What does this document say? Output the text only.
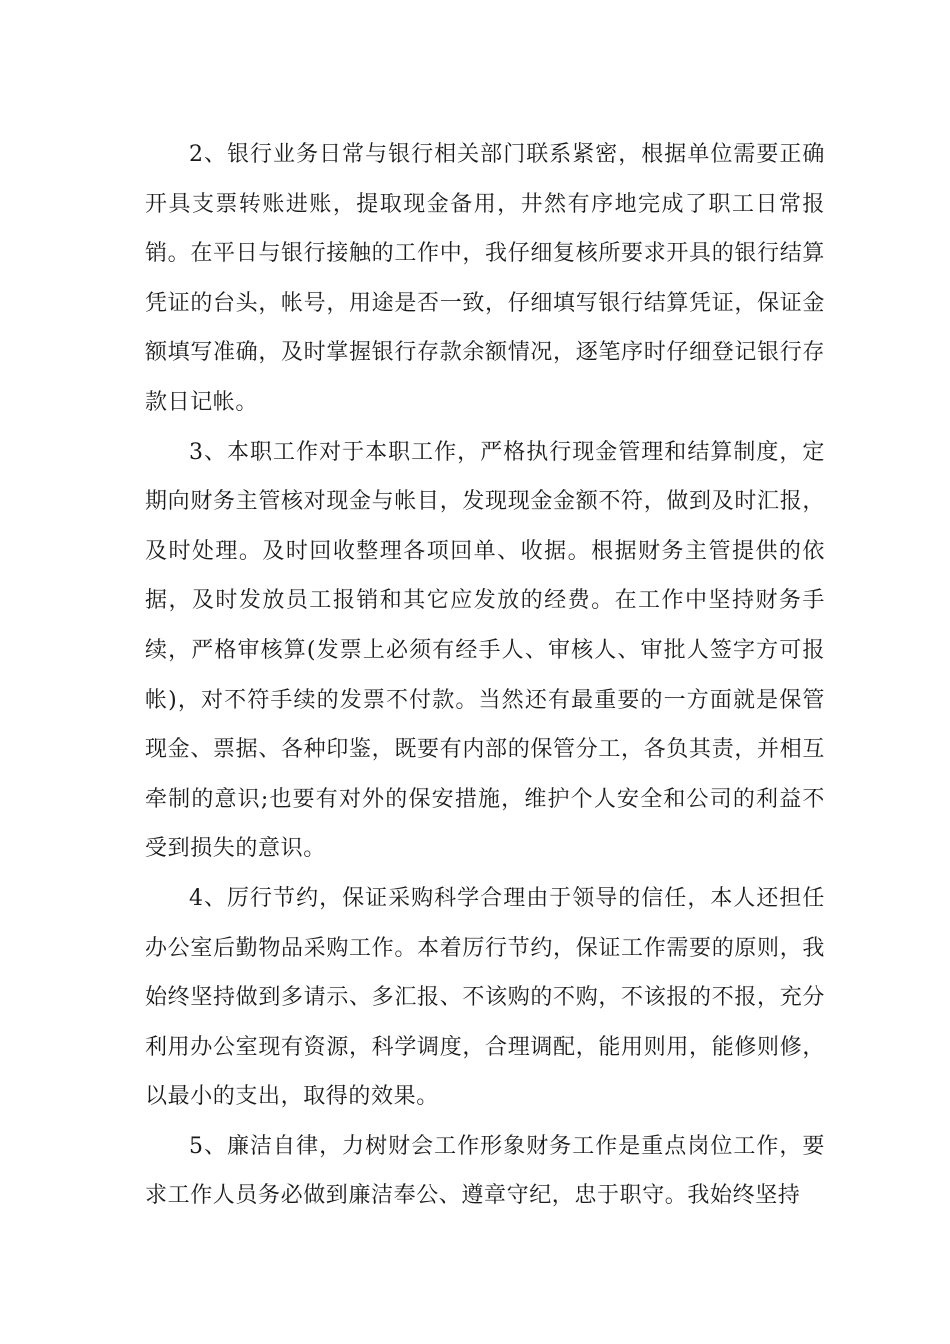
2、银行业务日常与银行相关部门联系紧密，根据单位需要正确开具支票转账进账，提取现金备用，井然有序地完成了职工日常报销。在平日与银行接触的工作中，我仔细复核所要求开具的银行结算凭证的台头，帐号，用途是否一致，仔细填写银行结算凭证，保证金额填写准确，及时掌握银行存款余额情况，逐笔序时仔细登记银行存款日记帐。

3、本职工作对于本职工作，严格执行现金管理和结算制度，定期向财务主管核对现金与帐目，发现现金金额不符，做到及时汇报，及时处理。及时回收整理各项回单、收据。根据财务主管提供的依据，及时发放员工报销和其它应发放的经费。在工作中坚持财务手续，严格审核算(发票上必须有经手人、审核人、审批人签字方可报帐)，对不符手续的发票不付款。当然还有最重要的一方面就是保管现金、票据、各种印鉴，既要有内部的保管分工，各负其责，并相互牵制的意识;也要有对外的保安措施，维护个人安全和公司的利益不受到损失的意识。

4、厉行节约，保证采购科学合理由于领导的信任，本人还担任办公室后勤物品采购工作。本着厉行节约，保证工作需要的原则，我始终坚持做到多请示、多汇报、不该购的不购，不该报的不报，充分利用办公室现有资源，科学调度，合理调配，能用则用，能修则修，以最小的支出，取得的效果。

5、廉洁自律，力树财会工作形象财务工作是重点岗位工作，要求工作人员务必做到廉洁奉公、遵章守纪，忠于职守。我始终坚持
